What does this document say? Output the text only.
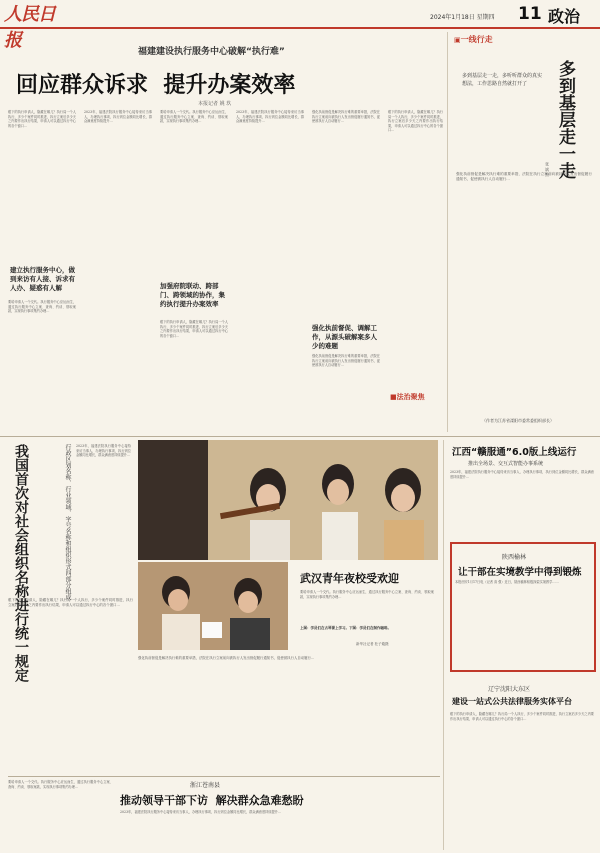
人民日报
2024年1月18日 星期四 11 政治
福建建设执行服务中心破解“执行难”
回应群众诉求  提升办案效率
本报记者 姚 玖
眼下的执行申请人，隐藏在哪儿？执行局一个人执行，多少个案件同时推进，执行立案后多少天之内要作出执行结果，申请人可以通过执行中心的各个窗口…
建立执行服务中心，做到来访有人接、诉求有人办、疑惑有人解
要给申请人一个交代。执行服务中心应运而生，通过执行服务中心立案、查询、约谈、领取案款，实现执行事项集约办理…
2023年，福建法院执行服务中心接待来访当事人，办理执行事项，执行到位金额同比增长，群众满意度持续提升…
要给申请人一个交代。执行服务中心应运而生，通过执行服务中心立案、查询、约谈、领取案款，实现执行事项集约办理…
加强府院联动、跨部门、跨领域的协作，集约执行提升办案效率
眼下的执行申请人，隐藏在哪儿？执行局一个人执行，多少个案件同时推进，执行立案后多少天之内要作出执行结果，申请人可以通过执行中心的各个窗口…
2023年，福建法院执行服务中心接待来访当事人，办理执行事项，执行到位金额同比增长，群众满意度持续提升…
强化执前督促是解决执行难的重要举措，法院在执行立案前向被执行人发出督促履行通知书，促使被执行人自动履行…
强化执前督促、调解工作，从源头破解案多人少的难题
强化执前督促是解决执行难的重要举措，法院在执行立案前向被执行人发出督促履行通知书，促使被执行人自动履行…
眼下的执行申请人，隐藏在哪儿？执行局一个人执行，多少个案件同时推进，执行立案后多少天之内要作出执行结果，申请人可以通过执行中心的各个窗口…
■法治聚焦
▣一线行走
多到基层走一走，多听听群众的真实想法，工作思路自然就打开了	多到基层走一走
张 斌 杰
强化执前督促是解决执行难的重要举措，法院在执行立案前向被执行人发出督促履行通知书，促使被执行人自动履行…
（作者为江苏省溧阳市委常委组织部长）
我国首次对社会组织名称进行统一规定	行政区划名称、行业领域、字号名称和组织形式四部分组成	2023年，福建法院执行服务中心接待来访当事人，办理执行事项，执行到位金额同比增长，群众满意度持续提升…
眼下的执行申请人，隐藏在哪儿？执行局一个人执行，多少个案件同时推进，执行立案后多少天之内要作出执行结果，申请人可以通过执行中心的各个窗口…
武汉青年夜校受欢迎
要给申请人一个交代。执行服务中心应运而生，通过执行服务中心立案、查询、约谈、领取案款，实现执行事项集约办理…
上图：学员们在古琴课上学习。下图：学员们在制作咖啡。
新华社记者 杜子璇摄
江西“赣服通”6.0版上线运行
推出全场景、交互式智能办事系统
2023年，福建法院执行服务中心接待来访当事人，办理执行事项，执行到位金额同比增长，群众满意度持续提升…
陕西榆林
让干部在实境教学中得到锻炼
本报西安1月17日电（记者 高 强）近日，陕西榆林积极探索实境教学……
辽宁沈阳大东区
建设一站式公共法律服务实体平台
眼下的执行申请人，隐藏在哪儿？执行局一个人执行，多少个案件同时推进，执行立案后多少天之内要作出执行结果，申请人可以通过执行中心的各个窗口…
强化执前督促是解决执行难的重要举措，法院在执行立案前向被执行人发出督促履行通知书，促使被执行人自动履行…
浙江苍南县
推动领导干部下访  解决群众急难愁盼
要给申请人一个交代。执行服务中心应运而生，通过执行服务中心立案、查询、约谈、领取案款，实现执行事项集约办理…
2023年，福建法院执行服务中心接待来访当事人，办理执行事项，执行到位金额同比增长，群众满意度持续提升…
